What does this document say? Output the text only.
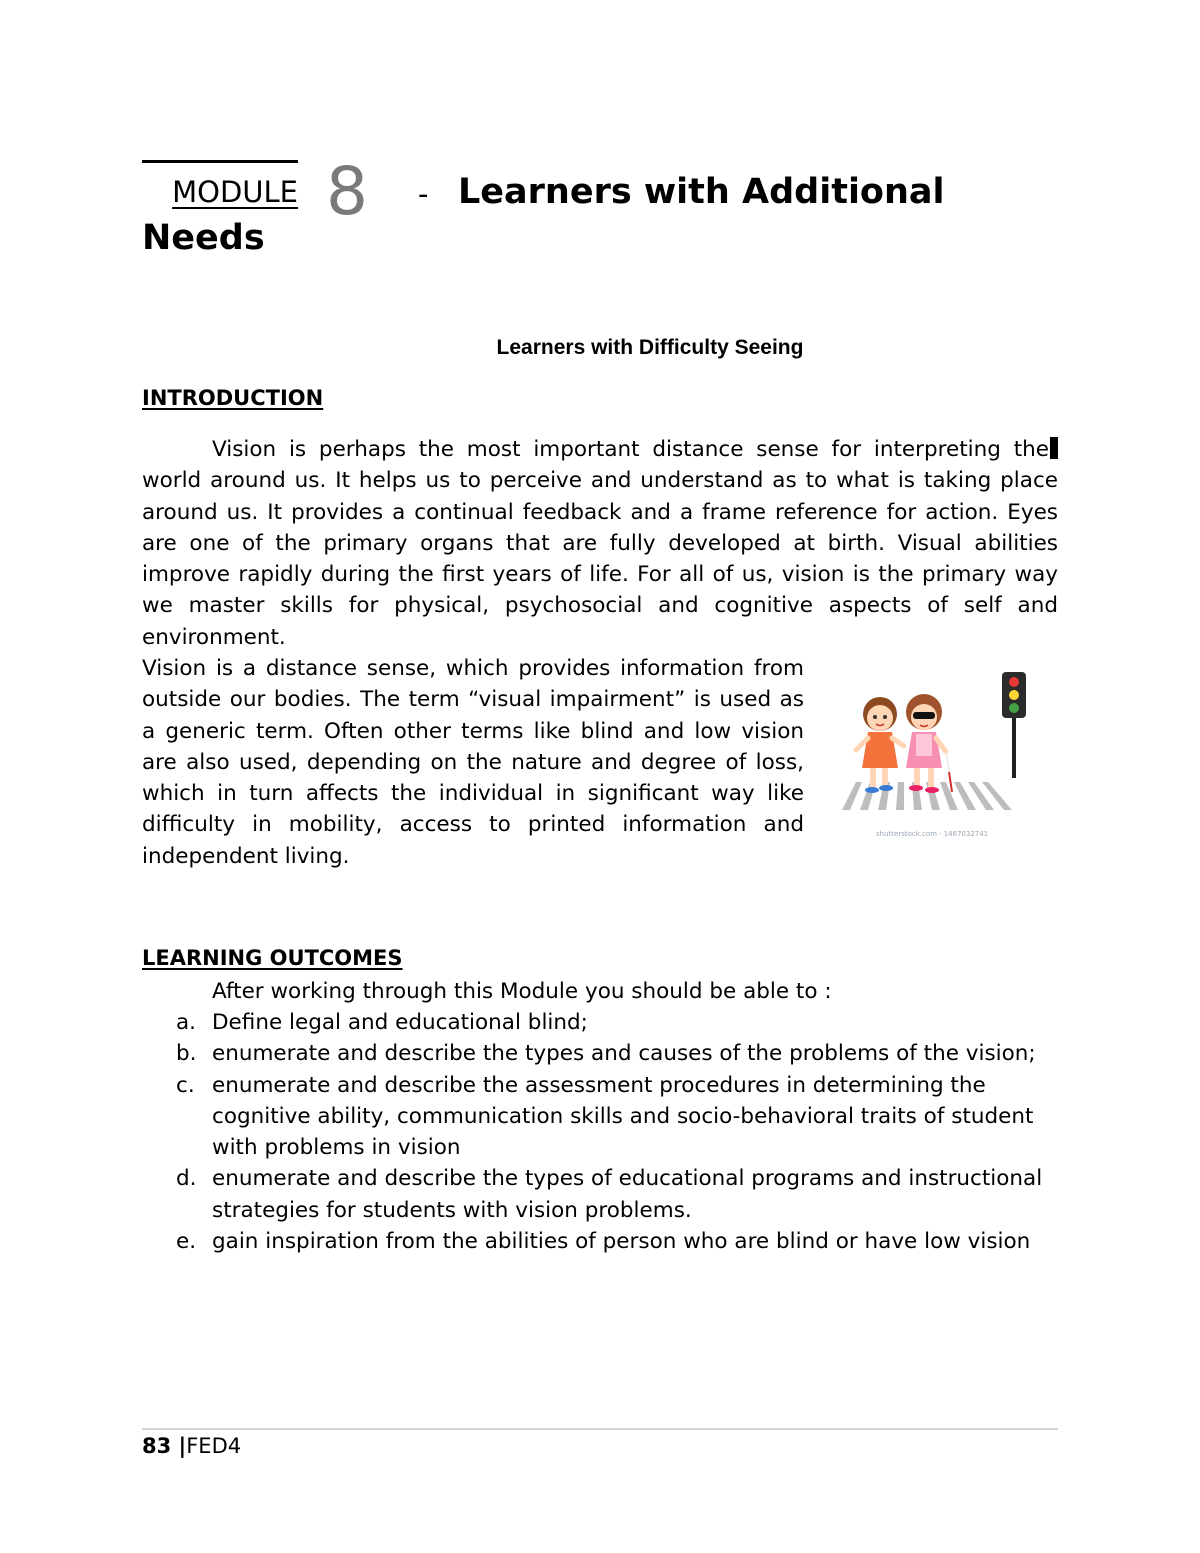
MODULE 8 - Learners with Additional
Needs
Learners with Difficulty Seeing
INTRODUCTION

Vision is perhaps the most important distance sense for interpreting the world around us. It helps us to perceive and understand as to what is taking place around us. It provides a continual feedback and a frame reference for action. Eyes are one of the primary organs that are fully developed at birth. Visual abilities improve rapidly during the first years of life. For all of us, vision is the primary way we master skills for physical, psychosocial and cognitive aspects of self and environment.

Vision is a distance sense, which provides information from outside our bodies. The term “visual impairment” is used as a generic term. Often other terms like blind and low vision are also used, depending on the nature and degree of loss, which in turn affects the individual in significant way like difficulty in mobility, access to printed information and independent living.

shutterstock.com · 1467032741
LEARNING OUTCOMES
After working through this Module you should be able to :
a. Define legal and educational blind;
b. enumerate and describe the types and causes of the problems of the vision;
c. enumerate and describe the assessment procedures in determining the cognitive ability, communication skills and socio-behavioral traits of student with problems in vision
d. enumerate and describe the types of educational programs and instructional strategies for students with vision problems.
e. gain inspiration from the abilities of person who are blind or have low vision
83 |FED4
